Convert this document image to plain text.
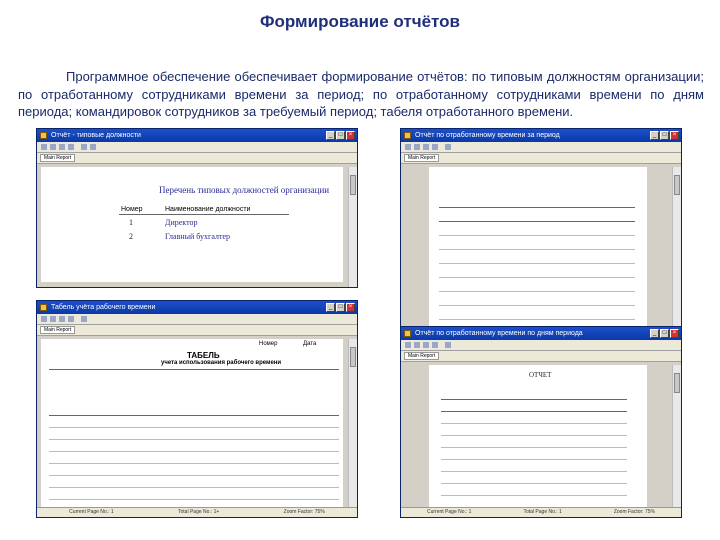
Формирование отчётов
Программное обеспечение обеспечивает формирование отчётов: по типовым должностям организации; по отработанному сотрудниками времени за период; по отработанному сотрудниками времени по дням периода; командировок сотрудников за требуемый период; табеля отработанного времени.
Отчёт - типовые должности	_	□	×
Main Report
Перечень типовых должностей организации
Номер	Наименование должности
1	Директор
2	Главный бухгалтер
Отчёт по отработанному времени за период	_	□	×
Main Report
Табель учёта рабочего времени	_	□	×
Main Report
Номер	Дата
ТАБЕЛЬ
учета использования рабочего времени
Current Page No.: 1	Total Page No.: 1+	Zoom Factor: 75%
Отчёт по отработанному времени по дням периода	_	□	×
Main Report
ОТЧЕТ
Current Page No.: 1	Total Page No.: 1	Zoom Factor: 75%
